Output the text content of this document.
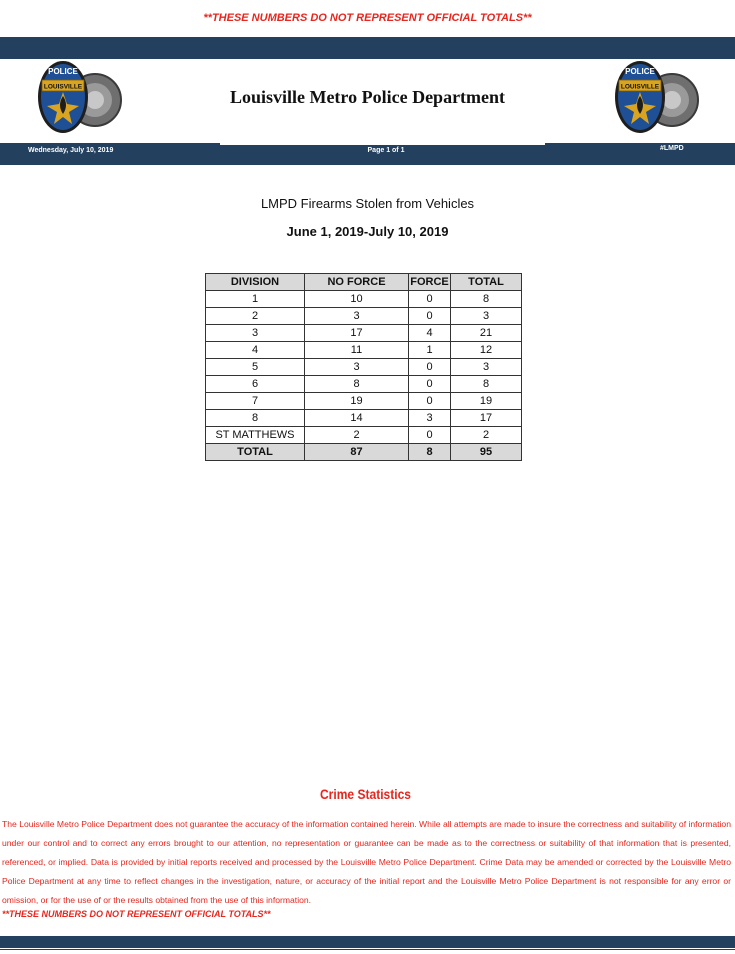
**THESE NUMBERS DO NOT REPRESENT OFFICIAL TOTALS**
POLICE
LOUISVILLE
POLICE
LOUISVILLE
Louisville Metro Police Department
Wednesday, July 10, 2019	Page 1 of 1	#LMPD
LMPD Firearms Stolen from Vehicles
June 1, 2019-July 10, 2019
DIVISION	NO FORCE	FORCE	TOTAL
1	10	0	8
2	3	0	3
3	17	4	21
4	11	1	12
5	3	0	3
6	8	0	8
7	19	0	19
8	14	3	17
ST MATTHEWS	2	0	2
TOTAL	87	8	95
Crime Statistics
The Louisville Metro Police Department does not guarantee the accuracy of the information contained herein. While all attempts are made to insure the correctness and suitability of information under our control and to correct any errors brought to our attention, no representation or guarantee can be made as to the correctness or suitability of that information that is presented, referenced, or implied. Data is provided by initial reports received and processed by the Louisville Metro Police Department. Crime Data may be amended or corrected by the Louisville Metro Police Department at any time to reflect changes in the investigation, nature, or accuracy of the initial report and the Louisville Metro Police Department is not responsible for any error or omission, or for the use of or the results obtained from the use of this information.
**THESE NUMBERS DO NOT REPRESENT OFFICIAL TOTALS**
